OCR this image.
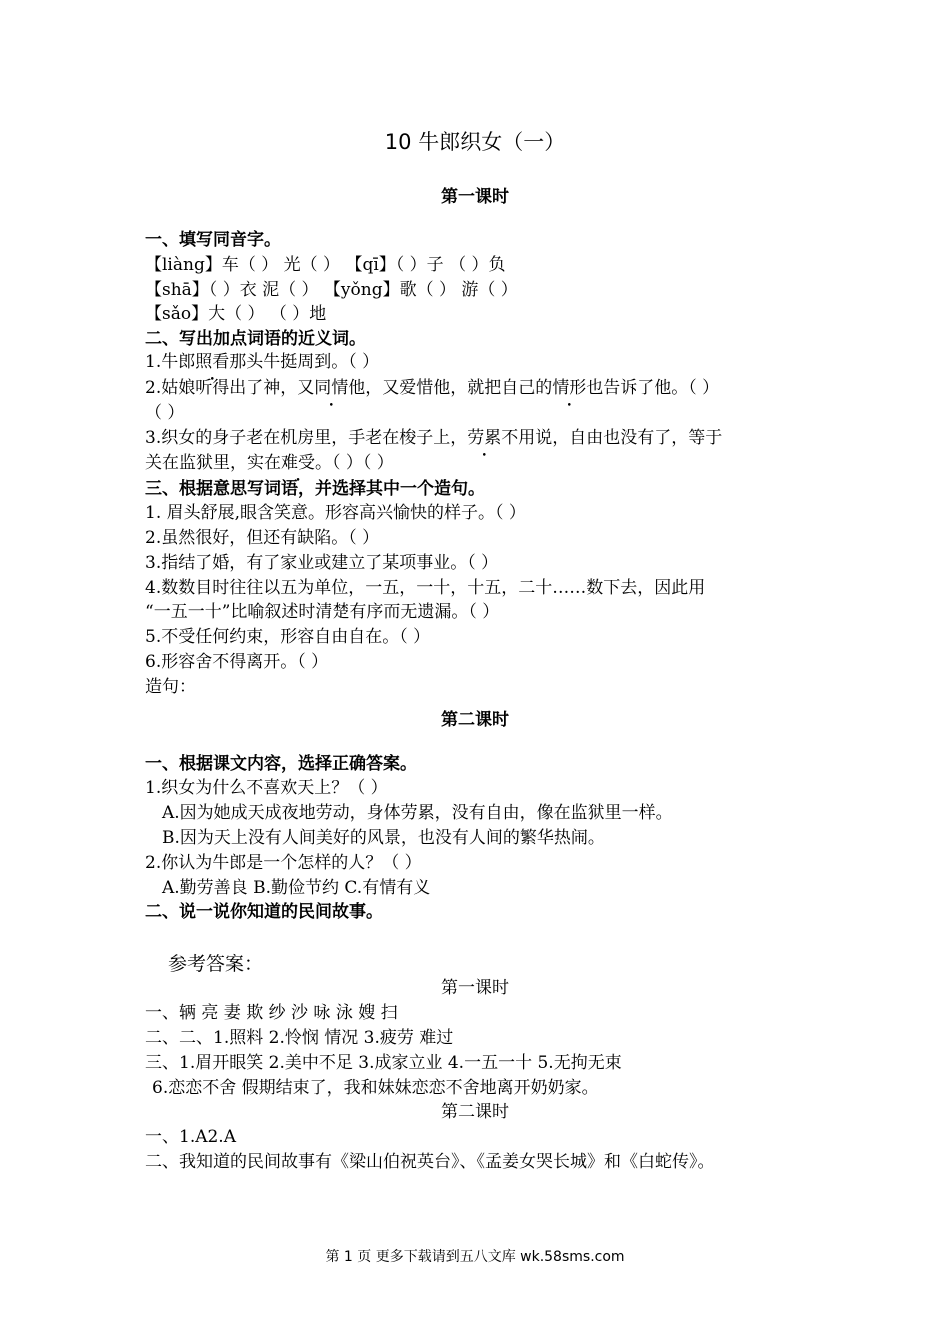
10 牛郎织女（一）
第一课时
一、填写同音字。
【liàng】车（ ） 光（ ） 【qī】（ ）子 （ ）负
【shā】（ ）衣 泥（ ） 【yǒng】歌（ ） 游（ ）
【sǎo】大（ ） （ ）地
二、写出加点词语的近义词。
1.牛郎照看那头牛挺周到。（ ）
2.姑娘听得出了神，又同情他，又爱惜他，就把自己的情形也告诉了他。（ ）
（ ）
3.织女的身子老在机房里，手老在梭子上，劳累不用说，自由也没有了，等于
关在监狱里，实在难受。（ ）（ ）
三、根据意思写词语，并选择其中一个造句。
1. 眉头舒展,眼含笑意。形容高兴愉快的样子。（ ）
2.虽然很好，但还有缺陷。（ ）
3.指结了婚，有了家业或建立了某项事业。（ ）
4.数数目时往往以五为单位，一五，一十，十五，二十……数下去，因此用
“一五一十”比喻叙述时清楚有序而无遗漏。（ ）
5.不受任何约束，形容自由自在。（ ）
6.形容舍不得离开。（ ）
造句：
第二课时
一、根据课文内容，选择正确答案。
1.织女为什么不喜欢天上？（ ）
A.因为她成天成夜地劳动，身体劳累，没有自由，像在监狱里一样。
B.因为天上没有人间美好的风景，也没有人间的繁华热闹。
2.你认为牛郎是一个怎样的人？（ ）
A.勤劳善良 B.勤俭节约 C.有情有义
二、说一说你知道的民间故事。
参考答案：
第一课时
一、辆 亮 妻 欺 纱 沙 咏 泳 嫂 扫
二、二、1.照料 2.怜悯 情况 3.疲劳 难过
三、1.眉开眼笑 2.美中不足 3.成家立业 4.一五一十 5.无拘无束
6.恋恋不舍 假期结束了，我和妹妹恋恋不舍地离开奶奶家。
第二课时
一、1.A2.A
二、我知道的民间故事有《梁山伯祝英台》、《孟姜女哭长城》和《白蛇传》。
第 1 页 更多下载请到五八文库 wk.58sms.com
